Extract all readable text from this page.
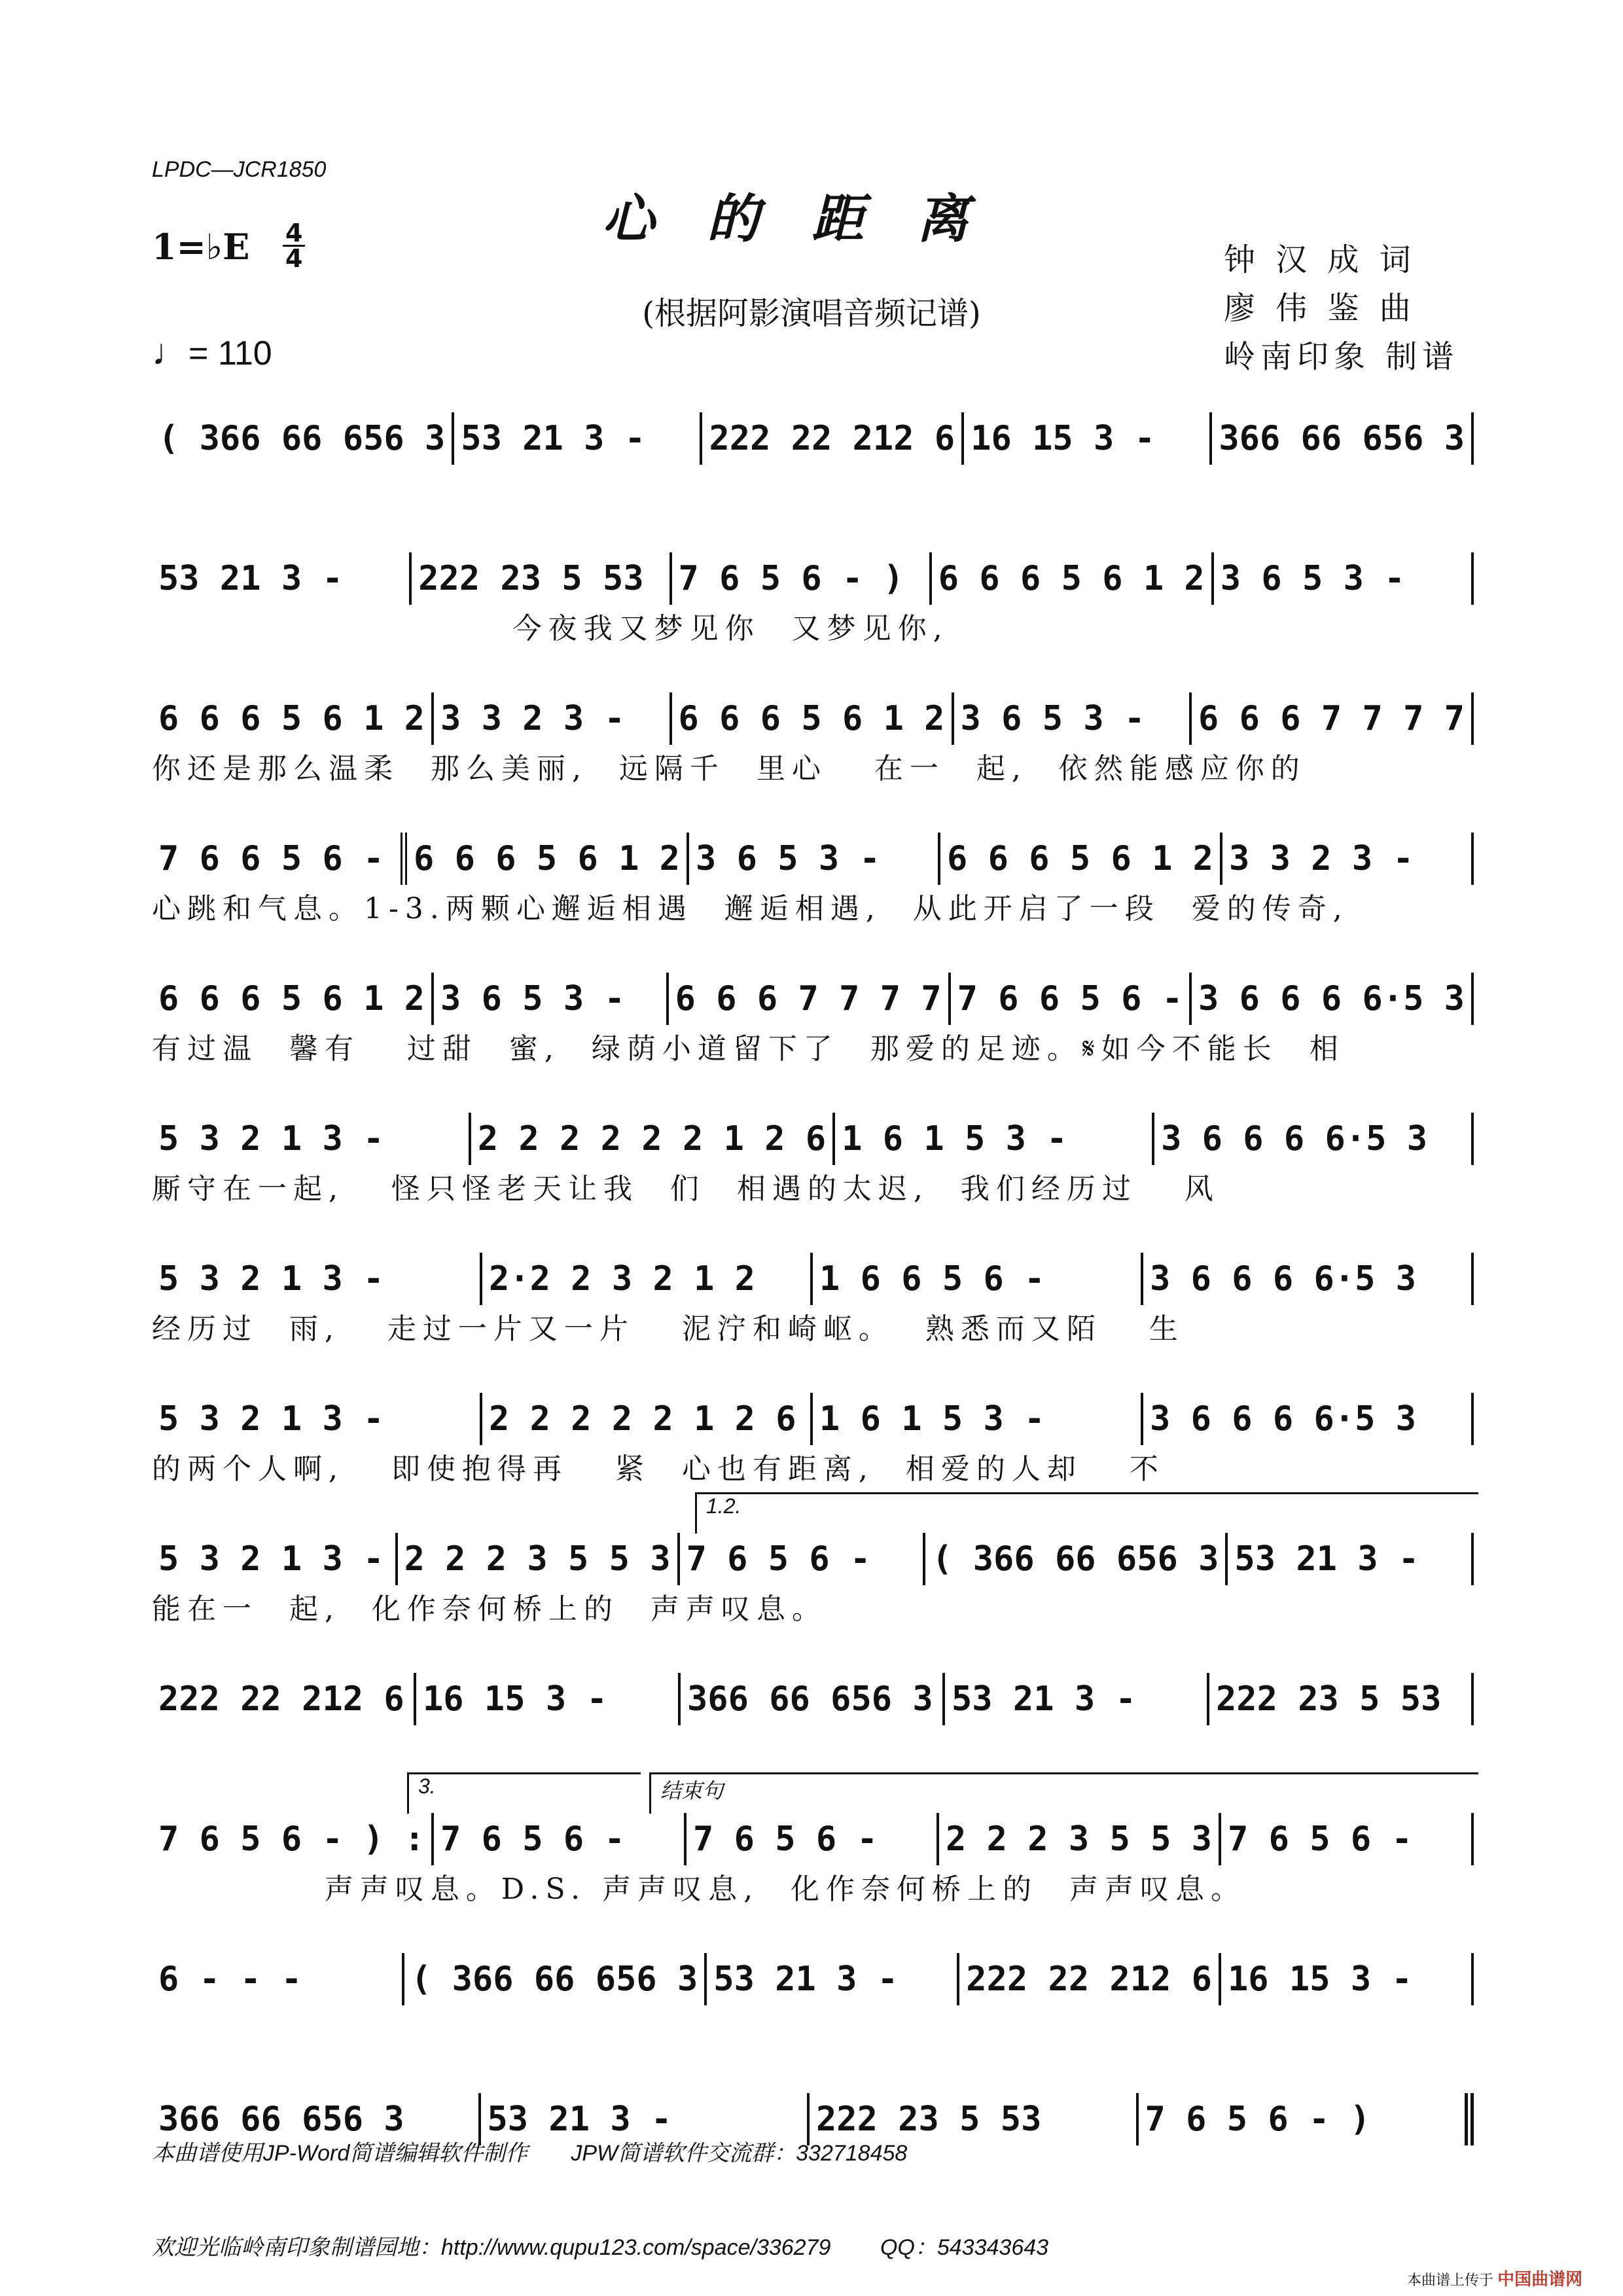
LPDC—JCR1850
心的距离
1=♭E 4
4
(根据阿影演唱音频记谱)
钟 汉 成 词
廖 伟 鉴 曲
岭南印象 制谱
♩= 110
( 366 66 656 3 53 21 3 -	222 22 212 6 16 15 3 -	366 66 656 3
53 21 3 -	222 23 5 53	7 6 5 6 - )	6 6 6 5 6 1 2 3 6 5 3 -
今夜我又梦见你  又梦见你,
6 6 6 5 6 1 2 3 3 2 3 -	6 6 6 5 6 1 2 3 6 5 3 -	6 6 6 7 7 7 7
你还是那么温柔  那么美丽,  远隔千  里心   在一  起,  依然能感应你的
7 6 6 5 6 - 6 6 6 5 6 1 2 3 6 5 3 -	6 6 6 5 6 1 2 3 3 2 3 -
心跳和气息。1-3.两颗心邂逅相遇  邂逅相遇,  从此开启了一段  爱的传奇,
6 6 6 5 6 1 2 3 6 5 3 -	6 6 6 7 7 7 7 7 6 6 5 6 - 3 6 6 6 6·5 3
有过温  馨有   过甜  蜜,  绿荫小道留下了  那爱的足迹。𝄋如今不能长  相
5 3 2 1 3 -	2 2 2 2 2 2 1 2 6 1 6 1 5 3 -	3 6 6 6 6·5 3
厮守在一起,   怪只怪老天让我  们  相遇的太迟,  我们经历过   风
5 3 2 1 3 -	2·2 2 3 2 1 2	1 6 6 5 6 -	3 6 6 6 6·5 3
经历过  雨,   走过一片又一片   泥泞和崎岖。  熟悉而又陌   生
5 3 2 1 3 -	2 2 2 2 2 1 2 6 1 6 1 5 3 -	3 6 6 6 6·5 3
的两个人啊,   即使抱得再   紧  心也有距离,  相爱的人却   不
5 3 2 1 3 - 2 2 2 3 5 5 3 7 6 5 6 -	( 366 66 656 3 53 21 3 -
1.2.
能在一  起,  化作奈何桥上的  声声叹息。
222 22 212 6 16 15 3 -	366 66 656 3 53 21 3 -	222 23 5 53
7 6 5 6 - ) : 7 6 5 6 -	7 6 5 6 -	2 2 2 3 5 5 3 7 6 5 6 -
3.	结束句
声声叹息。D.S. 声声叹息,  化作奈何桥上的  声声叹息。
6 - - -	( 366 66 656 3 53 21 3 -	222 22 212 6 16 15 3 -
366 66 656 3	53 21 3 -	222 23 5 53	7 6 5 6 - )

本曲谱使用JP-Word简谱编辑软件制作       JPW简谱软件交流群：332718458

欢迎光临岭南印象制谱园地：http://www.qupu123.com/space/336279        QQ：543343643

本曲谱上传于 中国曲谱网
